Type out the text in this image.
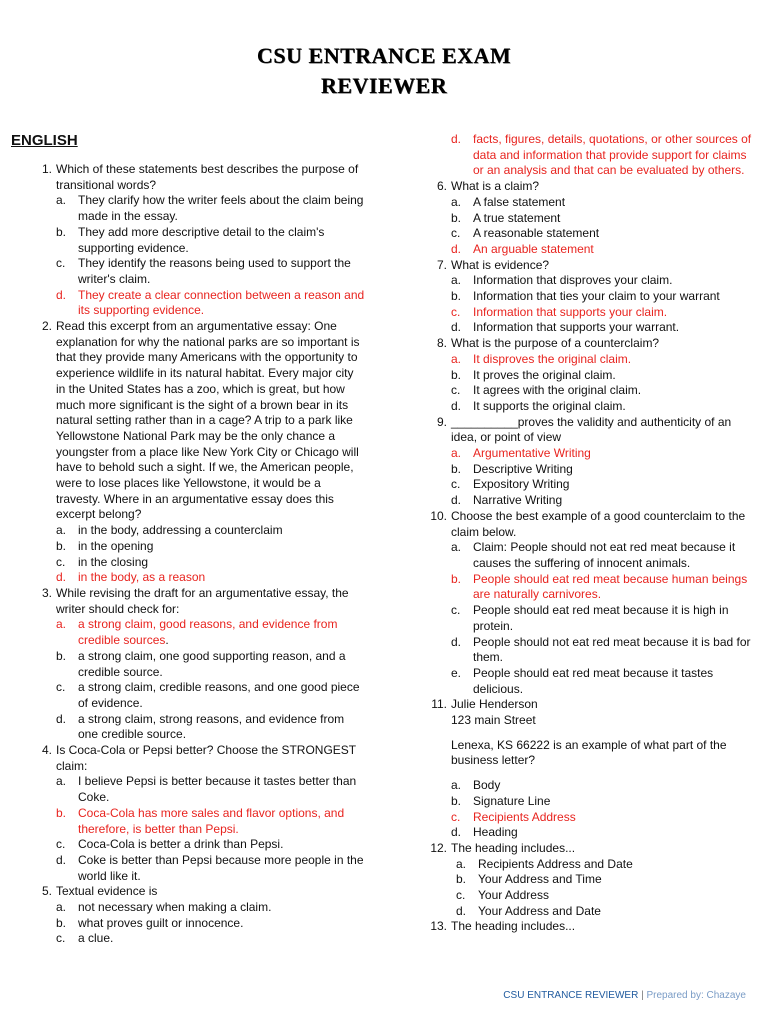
CSU ENTRANCE EXAM
REVIEWER
ENGLISH
1. Which of these statements best describes the purpose of transitional words?
a. They clarify how the writer feels about the claim being made in the essay.
b. They add more descriptive detail to the claim's supporting evidence.
c. They identify the reasons being used to support the writer's claim.
d. They create a clear connection between a reason and its supporting evidence.
2. Read this excerpt from an argumentative essay: One explanation for why the national parks are so important is that they provide many Americans with the opportunity to experience wildlife in its natural habitat. Every major city in the United States has a zoo, which is great, but how much more significant is the sight of a brown bear in its natural setting rather than in a cage? A trip to a park like Yellowstone National Park may be the only chance a youngster from a place like New York City or Chicago will have to behold such a sight. If we, the American people, were to lose places like Yellowstone, it would be a travesty. Where in an argumentative essay does this excerpt belong?
a. in the body, addressing a counterclaim
b. in the opening
c. in the closing
d. in the body, as a reason
3. While revising the draft for an argumentative essay, the writer should check for:
a. a strong claim, good reasons, and evidence from credible sources.
b. a strong claim, one good supporting reason, and a credible source.
c. a strong claim, credible reasons, and one good piece of evidence.
d. a strong claim, strong reasons, and evidence from one credible source.
4. Is Coca-Cola or Pepsi better? Choose the STRONGEST claim:
a. I believe Pepsi is better because it tastes better than Coke.
b. Coca-Cola has more sales and flavor options, and therefore, is better than Pepsi.
c. Coca-Cola is better a drink than Pepsi.
d. Coke is better than Pepsi because more people in the world like it.
5. Textual evidence is
a. not necessary when making a claim.
b. what proves guilt or innocence.
c. a clue.
d. facts, figures, details, quotations, or other sources of data and information that provide support for claims or an analysis and that can be evaluated by others.
6. What is a claim?
a. A false statement
b. A true statement
c. A reasonable statement
d. An arguable statement
7. What is evidence?
a. Information that disproves your claim.
b. Information that ties your claim to your warrant
c. Information that supports your claim.
d. Information that supports your warrant.
8. What is the purpose of a counterclaim?
a. It disproves the original claim.
b. It proves the original claim.
c. It agrees with the original claim.
d. It supports the original claim.
9. __________proves the validity and authenticity of an idea, or point of view
a. Argumentative Writing
b. Descriptive Writing
c. Expository Writing
d. Narrative Writing
10. Choose the best example of a good counterclaim to the claim below.
a. Claim: People should not eat red meat because it causes the suffering of innocent animals.
b. People should eat red meat because human beings are naturally carnivores.
c. People should eat red meat because it is high in protein.
d. People should not eat red meat because it is bad for them.
e. People should eat red meat because it tastes delicious.
11. Julie Henderson
123 main Street
Lenexa, KS 66222 is an example of what part of the business letter?
a. Body
b. Signature Line
c. Recipients Address
d. Heading
12. The heading includes...
a. Recipients Address and Date
b. Your Address and Time
c. Your Address
d. Your Address and Date
13. The heading includes...
CSU ENTRANCE REVIEWER | Prepared by: Chazaye
